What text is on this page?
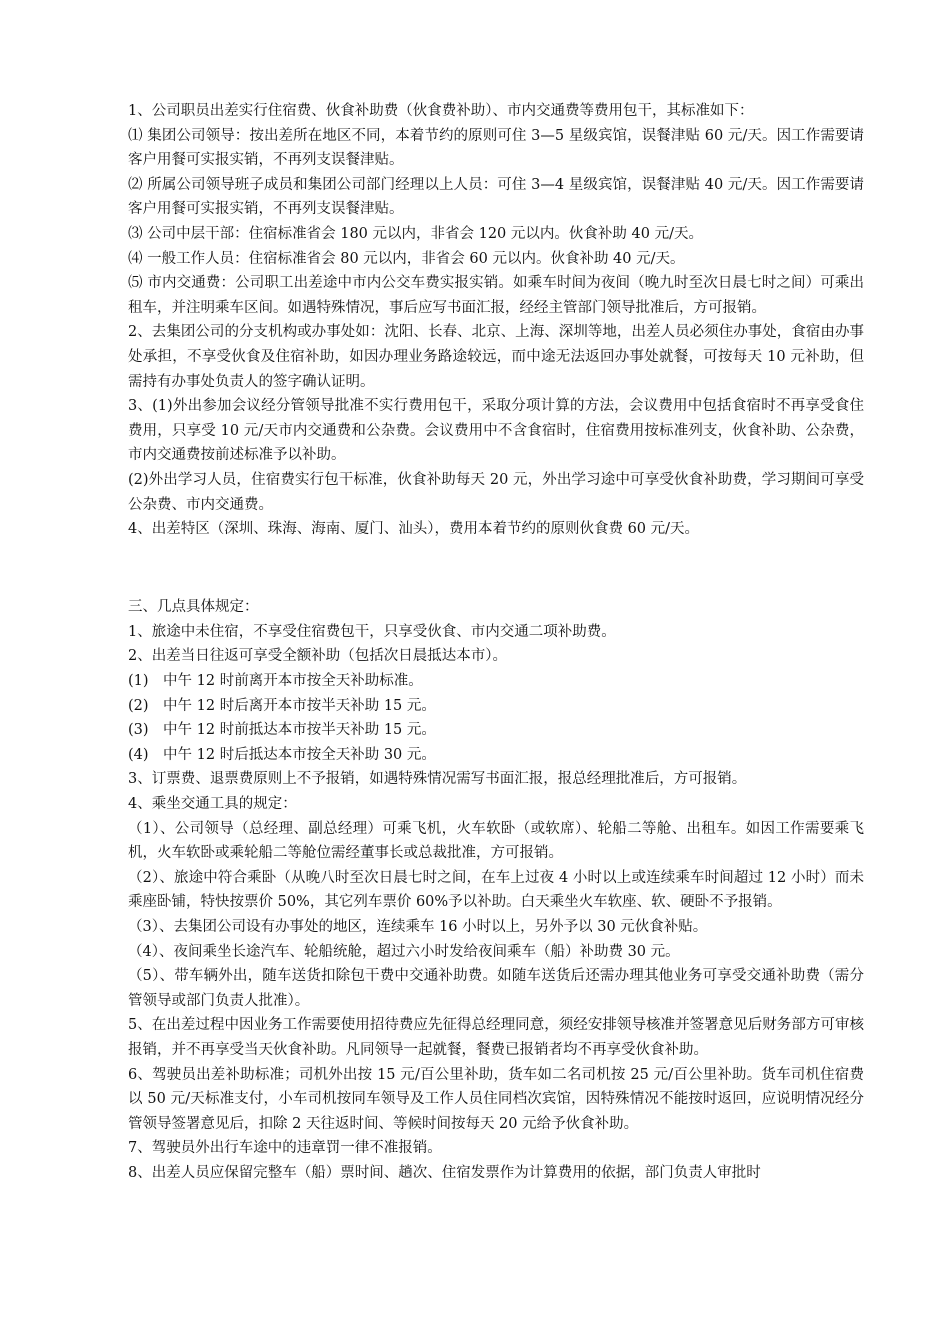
1、公司职员出差实行住宿费、伙食补助费（伙食费补助）、市内交通费等费用包干，其标准如下：

⑴ 集团公司领导：按出差所在地区不同，本着节约的原则可住 3—5 星级宾馆，误餐津贴 60 元/天。因工作需要请客户用餐可实报实销，不再列支误餐津贴。

⑵ 所属公司领导班子成员和集团公司部门经理以上人员：可住 3—4 星级宾馆，误餐津贴 40 元/天。因工作需要请客户用餐可实报实销，不再列支误餐津贴。

⑶ 公司中层干部：住宿标准省会 180 元以内，非省会 120 元以内。伙食补助 40 元/天。

⑷ 一般工作人员：住宿标准省会 80 元以内，非省会 60 元以内。伙食补助 40 元/天。

⑸ 市内交通费：公司职工出差途中市内公交车费实报实销。如乘车时间为夜间（晚九时至次日晨七时之间）可乘出租车，并注明乘车区间。如遇特殊情况，事后应写书面汇报，经经主管部门领导批准后，方可报销。

2、去集团公司的分支机构或办事处如：沈阳、长春、北京、上海、深圳等地，出差人员必须住办事处，食宿由办事处承担，不享受伙食及住宿补助，如因办理业务路途较远，而中途无法返回办事处就餐，可按每天 10 元补助，但需持有办事处负责人的签字确认证明。

3、(1)外出参加会议经分管领导批准不实行费用包干，采取分项计算的方法，会议费用中包括食宿时不再享受食住费用，只享受 10 元/天市内交通费和公杂费。会议费用中不含食宿时，住宿费用按标准列支，伙食补助、公杂费，市内交通费按前述标准予以补助。

(2)外出学习人员，住宿费实行包干标准，伙食补助每天 20 元，外出学习途中可享受伙食补助费，学习期间可享受公杂费、市内交通费。

4、出差特区（深圳、珠海、海南、厦门、汕头），费用本着节约的原则伙食费 60 元/天。

三、几点具体规定：

1、旅途中未住宿，不享受住宿费包干，只享受伙食、市内交通二项补助费。

2、出差当日往返可享受全额补助（包括次日晨抵达本市）。

(1)　中午 12 时前离开本市按全天补助标准。

(2)　中午 12 时后离开本市按半天补助 15 元。

(3)　中午 12 时前抵达本市按半天补助 15 元。

(4)　中午 12 时后抵达本市按全天补助 30 元。

3、订票费、退票费原则上不予报销，如遇特殊情况需写书面汇报，报总经理批准后，方可报销。

4、乘坐交通工具的规定：

（1）、公司领导（总经理、副总经理）可乘飞机，火车软卧（或软席）、轮船二等舱、出租车。如因工作需要乘飞机，火车软卧或乘轮船二等舱位需经董事长或总裁批准，方可报销。

（2）、旅途中符合乘卧（从晚八时至次日晨七时之间，在车上过夜 4 小时以上或连续乘车时间超过 12 小时）而未乘座卧铺，特快按票价 50%，其它列车票价 60%予以补助。白天乘坐火车软座、软、硬卧不予报销。

（3）、去集团公司设有办事处的地区，连续乘车 16 小时以上，另外予以 30 元伙食补贴。

（4）、夜间乘坐长途汽车、轮船统舱，超过六小时发给夜间乘车（船）补助费 30 元。

（5）、带车辆外出，随车送货扣除包干费中交通补助费。如随车送货后还需办理其他业务可享受交通补助费（需分管领导或部门负责人批准）。

5、在出差过程中因业务工作需要使用招待费应先征得总经理同意，须经安排领导核准并签署意见后财务部方可审核报销，并不再享受当天伙食补助。凡同领导一起就餐，餐费已报销者均不再享受伙食补助。

6、驾驶员出差补助标准；司机外出按 15 元/百公里补助，货车如二名司机按 25 元/百公里补助。货车司机住宿费以 50 元/天标准支付，小车司机按同车领导及工作人员住同档次宾馆，因特殊情况不能按时返回，应说明情况经分管领导签署意见后，扣除 2 天往返时间、等候时间按每天 20 元给予伙食补助。

7、驾驶员外出行车途中的违章罚一律不准报销。

8、出差人员应保留完整车（船）票时间、趟次、住宿发票作为计算费用的依据，部门负责人审批时
